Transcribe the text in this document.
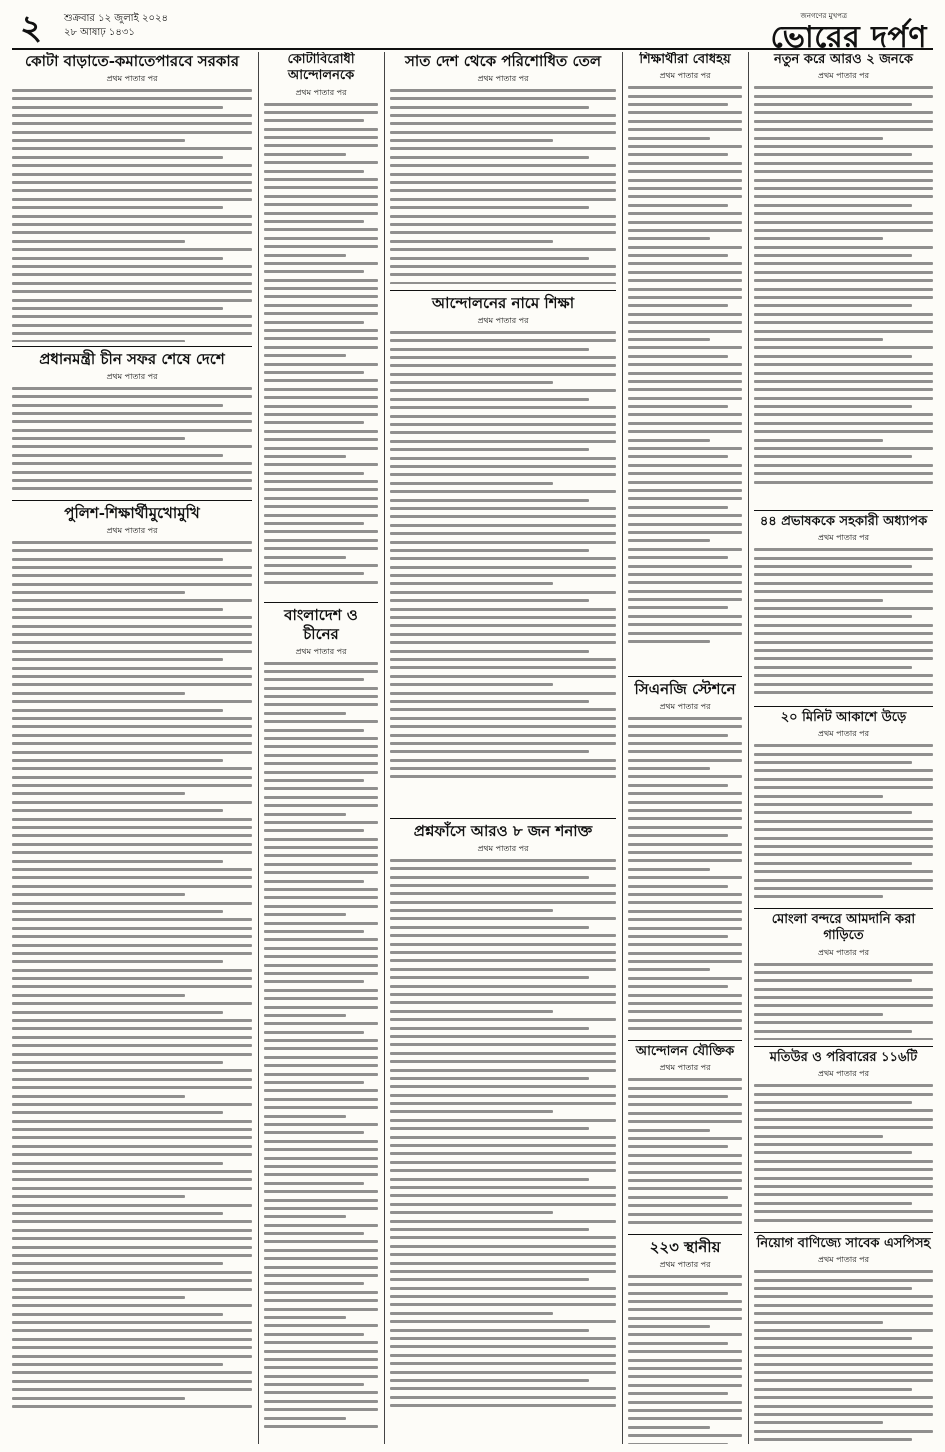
২ শুক্রবার ১২ জুলাই ২০২৪
২৮ আষাঢ় ১৪৩১
জনগণের মুখপত্র
ভোরের দর্পণ
কোটা বাড়াতে-কমাতেপারবে সরকার
প্রথম পাতার পর
প্রধানমন্ত্রী চীন সফর শেষে দেশে
প্রথম পাতার পর
পুলিশ-শিক্ষার্থীমুখোমুখি
প্রথম পাতার পর
কোটাবিরোধী আন্দোলনকে
প্রথম পাতার পর
বাংলাদেশ ও চীনের
প্রথম পাতার পর
সাত দেশ থেকে পরিশোধিত তেল
প্রথম পাতার পর
আন্দোলনের নামে শিক্ষা
প্রথম পাতার পর
প্রশ্নফাঁসে আরও ৮ জন শনাক্ত
প্রথম পাতার পর
শিক্ষার্থীরা বোধহয়
প্রথম পাতার পর
সিএনজি স্টেশনে
প্রথম পাতার পর
আন্দোলন যৌক্তিক
প্রথম পাতার পর
২২৩ স্থানীয়
প্রথম পাতার পর
নতুন করে আরও ২ জনকে
প্রথম পাতার পর
৪৪ প্রভাষককে সহকারী অধ্যাপক
প্রথম পাতার পর
২০ মিনিট আকাশে উড়ে
প্রথম পাতার পর
মোংলা বন্দরে আমদানি করা গাড়িতে
প্রথম পাতার পর
মতিউর ও পরিবারের ১১৬টি
প্রথম পাতার পর
নিয়োগ বাণিজ্যে সাবেক এসপিসহ
প্রথম পাতার পর
